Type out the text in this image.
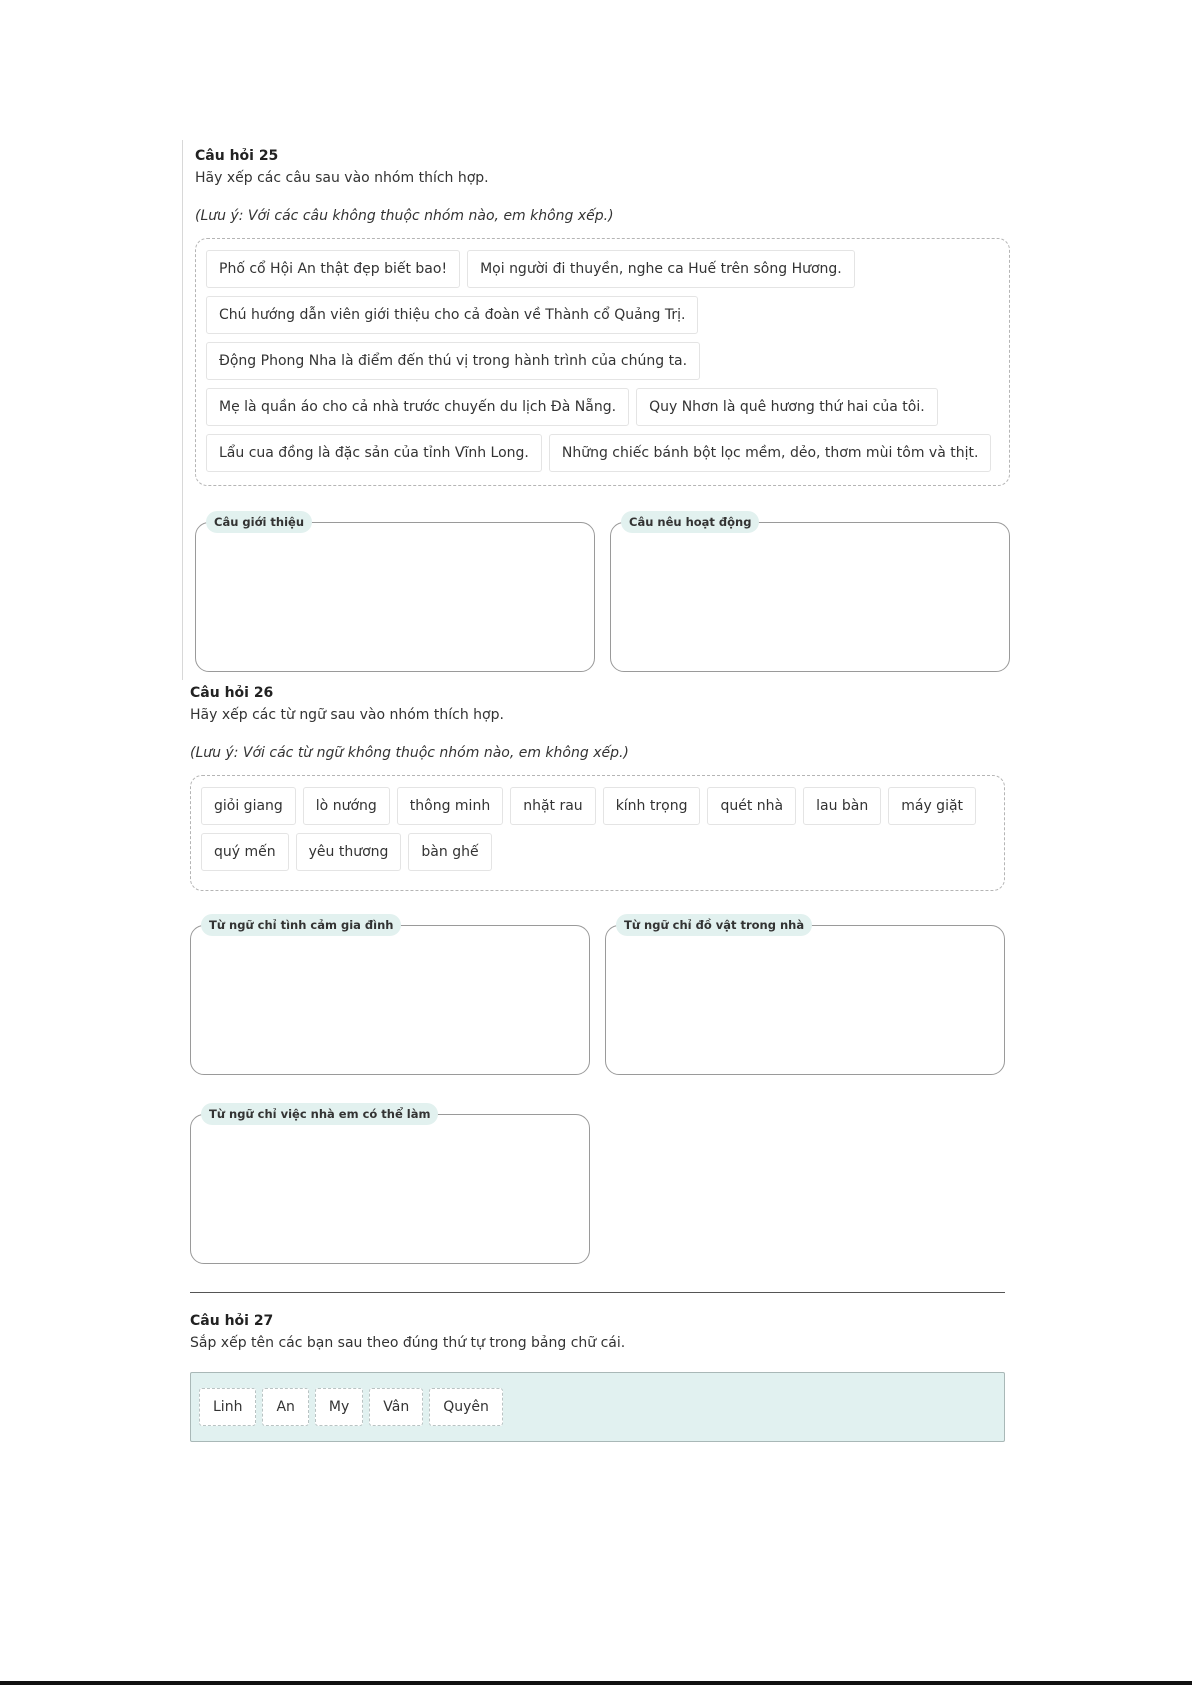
Câu hỏi 25
Hãy xếp các câu sau vào nhóm thích hợp.
(Lưu ý: Với các câu không thuộc nhóm nào, em không xếp.)
Phố cổ Hội An thật đẹp biết bao!	Mọi người đi thuyền, nghe ca Huế trên sông Hương.
Chú hướng dẫn viên giới thiệu cho cả đoàn về Thành cổ Quảng Trị.
Động Phong Nha là điểm đến thú vị trong hành trình của chúng ta.
Mẹ là quần áo cho cả nhà trước chuyến du lịch Đà Nẵng.	Quy Nhơn là quê hương thứ hai của tôi.
Lẩu cua đồng là đặc sản của tỉnh Vĩnh Long.	Những chiếc bánh bột lọc mềm, dẻo, thơm mùi tôm và thịt.
Câu giới thiệu	Câu nêu hoạt động
Câu hỏi 26
Hãy xếp các từ ngữ sau vào nhóm thích hợp.
(Lưu ý: Với các từ ngữ không thuộc nhóm nào, em không xếp.)
giỏi giang	lò nướng	thông minh	nhặt rau	kính trọng	quét nhà	lau bàn	máy giặt
quý mến	yêu thương	bàn ghế
Từ ngữ chỉ tình cảm gia đình	Từ ngữ chỉ đồ vật trong nhà
Từ ngữ chỉ việc nhà em có thể làm
Câu hỏi 27
Sắp xếp tên các bạn sau theo đúng thứ tự trong bảng chữ cái.
Linh	An	My	Vân	Quyên
